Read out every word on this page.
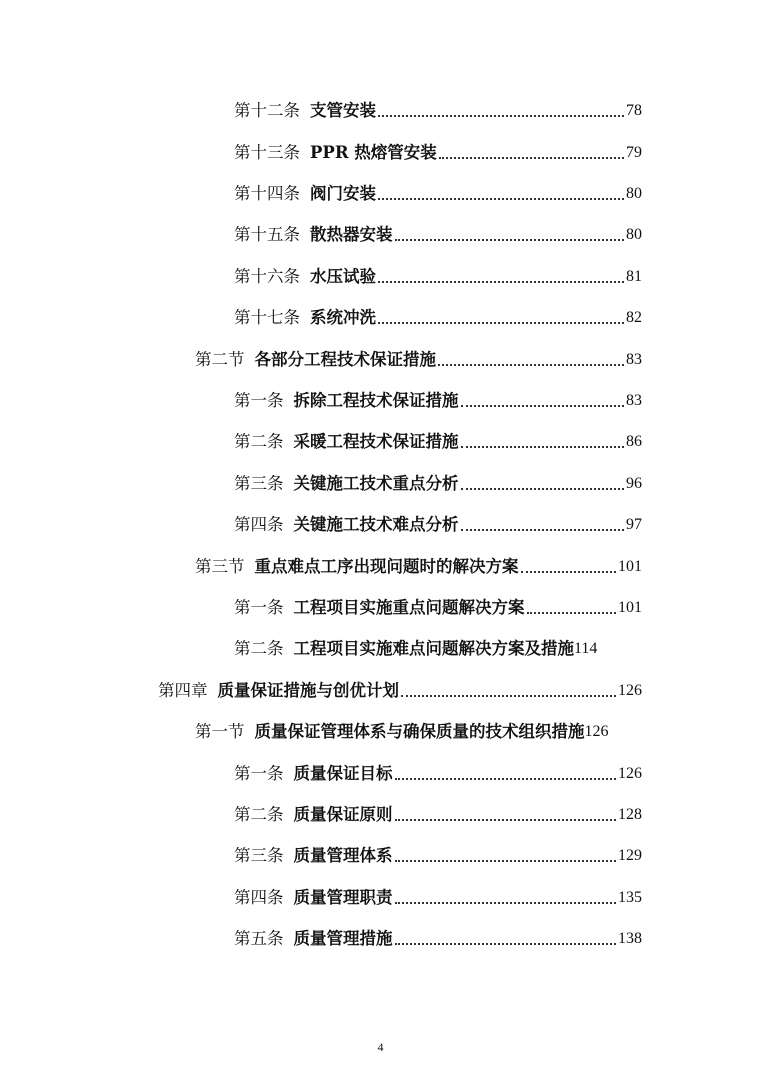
第十二条 支管安装	78
第十三条 PPR 热熔管安装	79
第十四条 阀门安装	80
第十五条 散热器安装	80
第十六条 水压试验	81
第十七条 系统冲洗	82
第二节 各部分工程技术保证措施	83
第一条 拆除工程技术保证措施	83
第二条 采暖工程技术保证措施	86
第三条 关键施工技术重点分析	96
第四条 关键施工技术难点分析	97
第三节 重点难点工序出现问题时的解决方案	101
第一条 工程项目实施重点问题解决方案	101
第二条 工程项目实施难点问题解决方案及措施 114
第四章 质量保证措施与创优计划	126
第一节 质量保证管理体系与确保质量的技术组织措施 126
第一条 质量保证目标	126
第二条 质量保证原则	128
第三条 质量管理体系	129
第四条 质量管理职责	135
第五条 质量管理措施	138
4
